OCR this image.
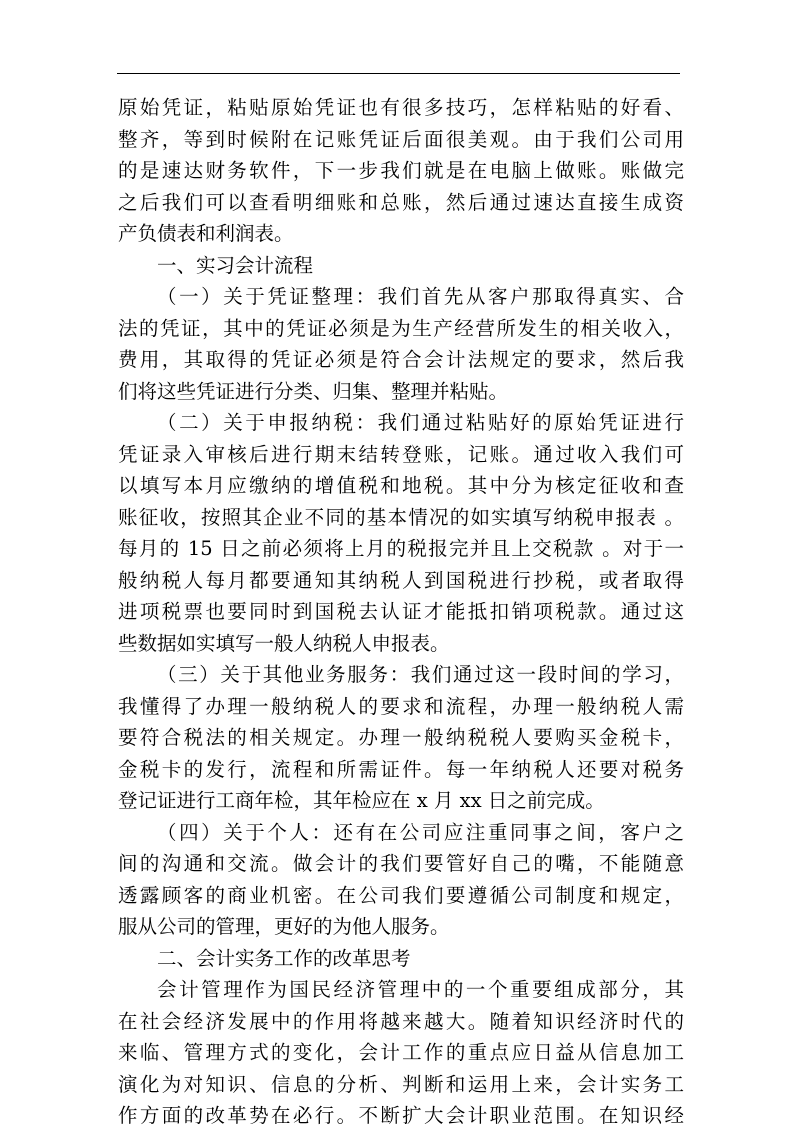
原始凭证，粘贴原始凭证也有很多技巧，怎样粘贴的好看、
整齐，等到时候附在记账凭证后面很美观。由于我们公司用
的是速达财务软件，下一步我们就是在电脑上做账。账做完
之后我们可以查看明细账和总账，然后通过速达直接生成资
产负债表和利润表。
一、实习会计流程
（一）关于凭证整理：我们首先从客户那取得真实、合
法的凭证，其中的凭证必须是为生产经营所发生的相关收入，
费用，其取得的凭证必须是符合会计法规定的要求，然后我
们将这些凭证进行分类、归集、整理并粘贴。
（二）关于申报纳税：我们通过粘贴好的原始凭证进行
凭证录入审核后进行期末结转登账，记账。通过收入我们可
以填写本月应缴纳的增值税和地税。其中分为核定征收和查
账征收，按照其企业不同的基本情况的如实填写纳税申报表 。
每月的 15 日之前必须将上月的税报完并且上交税款 。对于一
般纳税人每月都要通知其纳税人到国税进行抄税，或者取得
进项税票也要同时到国税去认证才能抵扣销项税款。通过这
些数据如实填写一般人纳税人申报表。
（三）关于其他业务服务：我们通过这一段时间的学习，
我懂得了办理一般纳税人的要求和流程，办理一般纳税人需
要符合税法的相关规定。办理一般纳税税人要购买金税卡，
金税卡的发行，流程和所需证件。每一年纳税人还要对税务
登记证进行工商年检，其年检应在 x 月 xx 日之前完成。
（四）关于个人：还有在公司应注重同事之间，客户之
间的沟通和交流。做会计的我们要管好自己的嘴，不能随意
透露顾客的商业机密。在公司我们要遵循公司制度和规定，
服从公司的管理，更好的为他人服务。
二、会计实务工作的改革思考
会计管理作为国民经济管理中的一个重要组成部分，其
在社会经济发展中的作用将越来越大。随着知识经济时代的
来临、管理方式的变化，会计工作的重点应日益从信息加工
演化为对知识、信息的分析、判断和运用上来，会计实务工
作方面的改革势在必行。不断扩大会计职业范围。在知识经
